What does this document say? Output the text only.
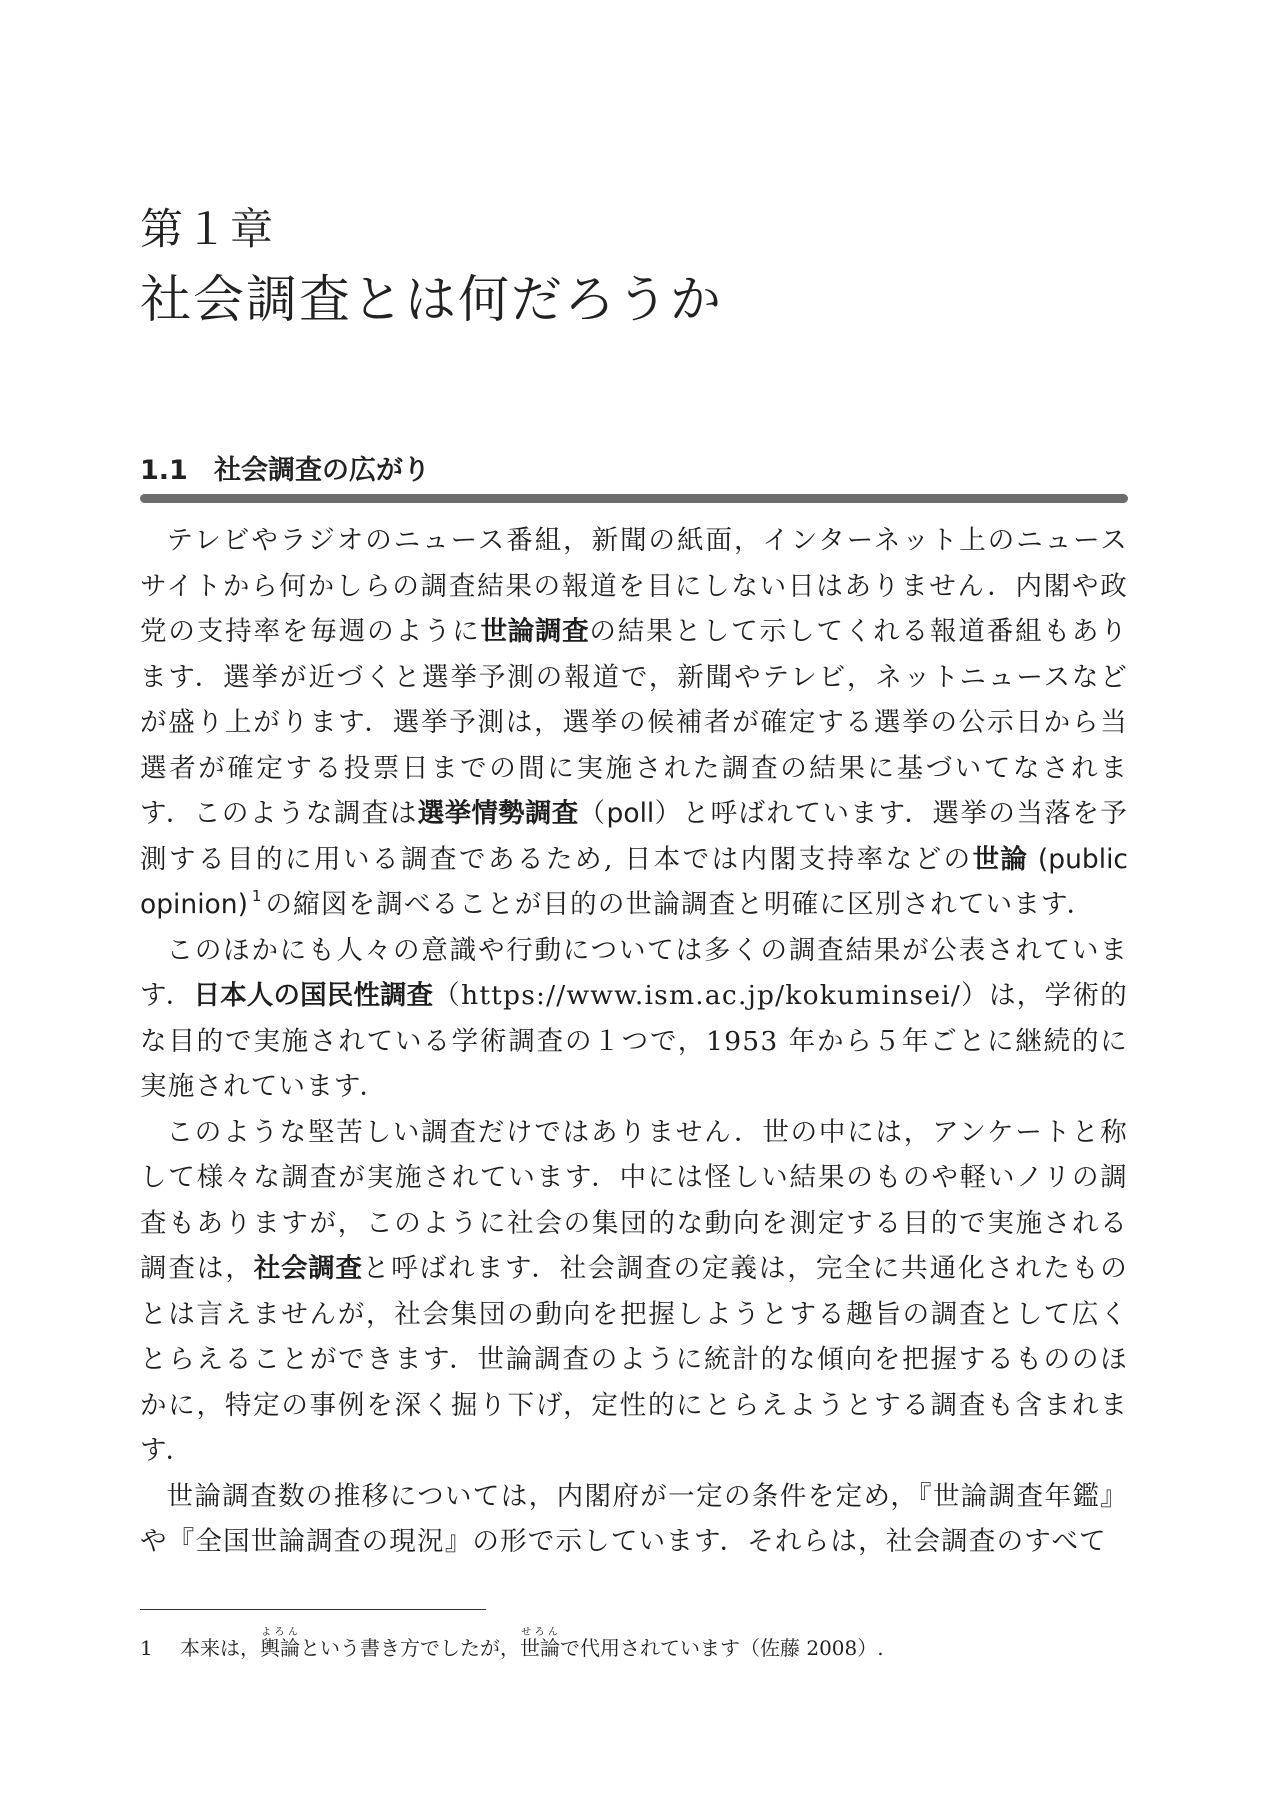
第１章
社会調査とは何だろうか
1.1 社会調査の広がり

テレビやラジオのニュース番組，新聞の紙面，インターネット上のニュースサイトから何かしらの調査結果の報道を目にしない日はありません．内閣や政党の支持率を毎週のように世論調査の結果として示してくれる報道番組もあります．選挙が近づくと選挙予測の報道で，新聞やテレビ，ネットニュースなどが盛り上がります．選挙予測は，選挙の候補者が確定する選挙の公示日から当選者が確定する投票日までの間に実施された調査の結果に基づいてなされます．このような調査は選挙情勢調査（poll）と呼ばれています．選挙の当落を予測する目的に用いる調査であるため, 日本では内閣支持率などの世論 (public opinion) $^1$ の縮図を調べることが目的の世論調査と明確に区別されています．

このほかにも人々の意識や行動については多くの調査結果が公表されています．日本人の国民性調査（https://www.ism.ac.jp/kokuminsei/）は，学術的な目的で実施されている学術調査の１つで，1953 年から５年ごとに継続的に実施されています．

このような堅苦しい調査だけではありません．世の中には，アンケートと称して様々な調査が実施されています．中には怪しい結果のものや軽いノリの調査もありますが，このように社会の集団的な動向を測定する目的で実施される調査は，社会調査と呼ばれます．社会調査の定義は，完全に共通化されたものとは言えませんが，社会集団の動向を把握しようとする趣旨の調査として広くとらえることができます．世論調査のように統計的な傾向を把握するもののほかに，特定の事例を深く掘り下げ，定性的にとらえようとする調査も含まれます．

世論調査数の推移については，内閣府が一定の条件を定め，『世論調査年鑑』や『全国世論調査の現況』の形で示しています．それらは，社会調査のすべて

1 本来は，輿論よろんという書き方でしたが，世論せろんで代用されています（佐藤 2008）.
